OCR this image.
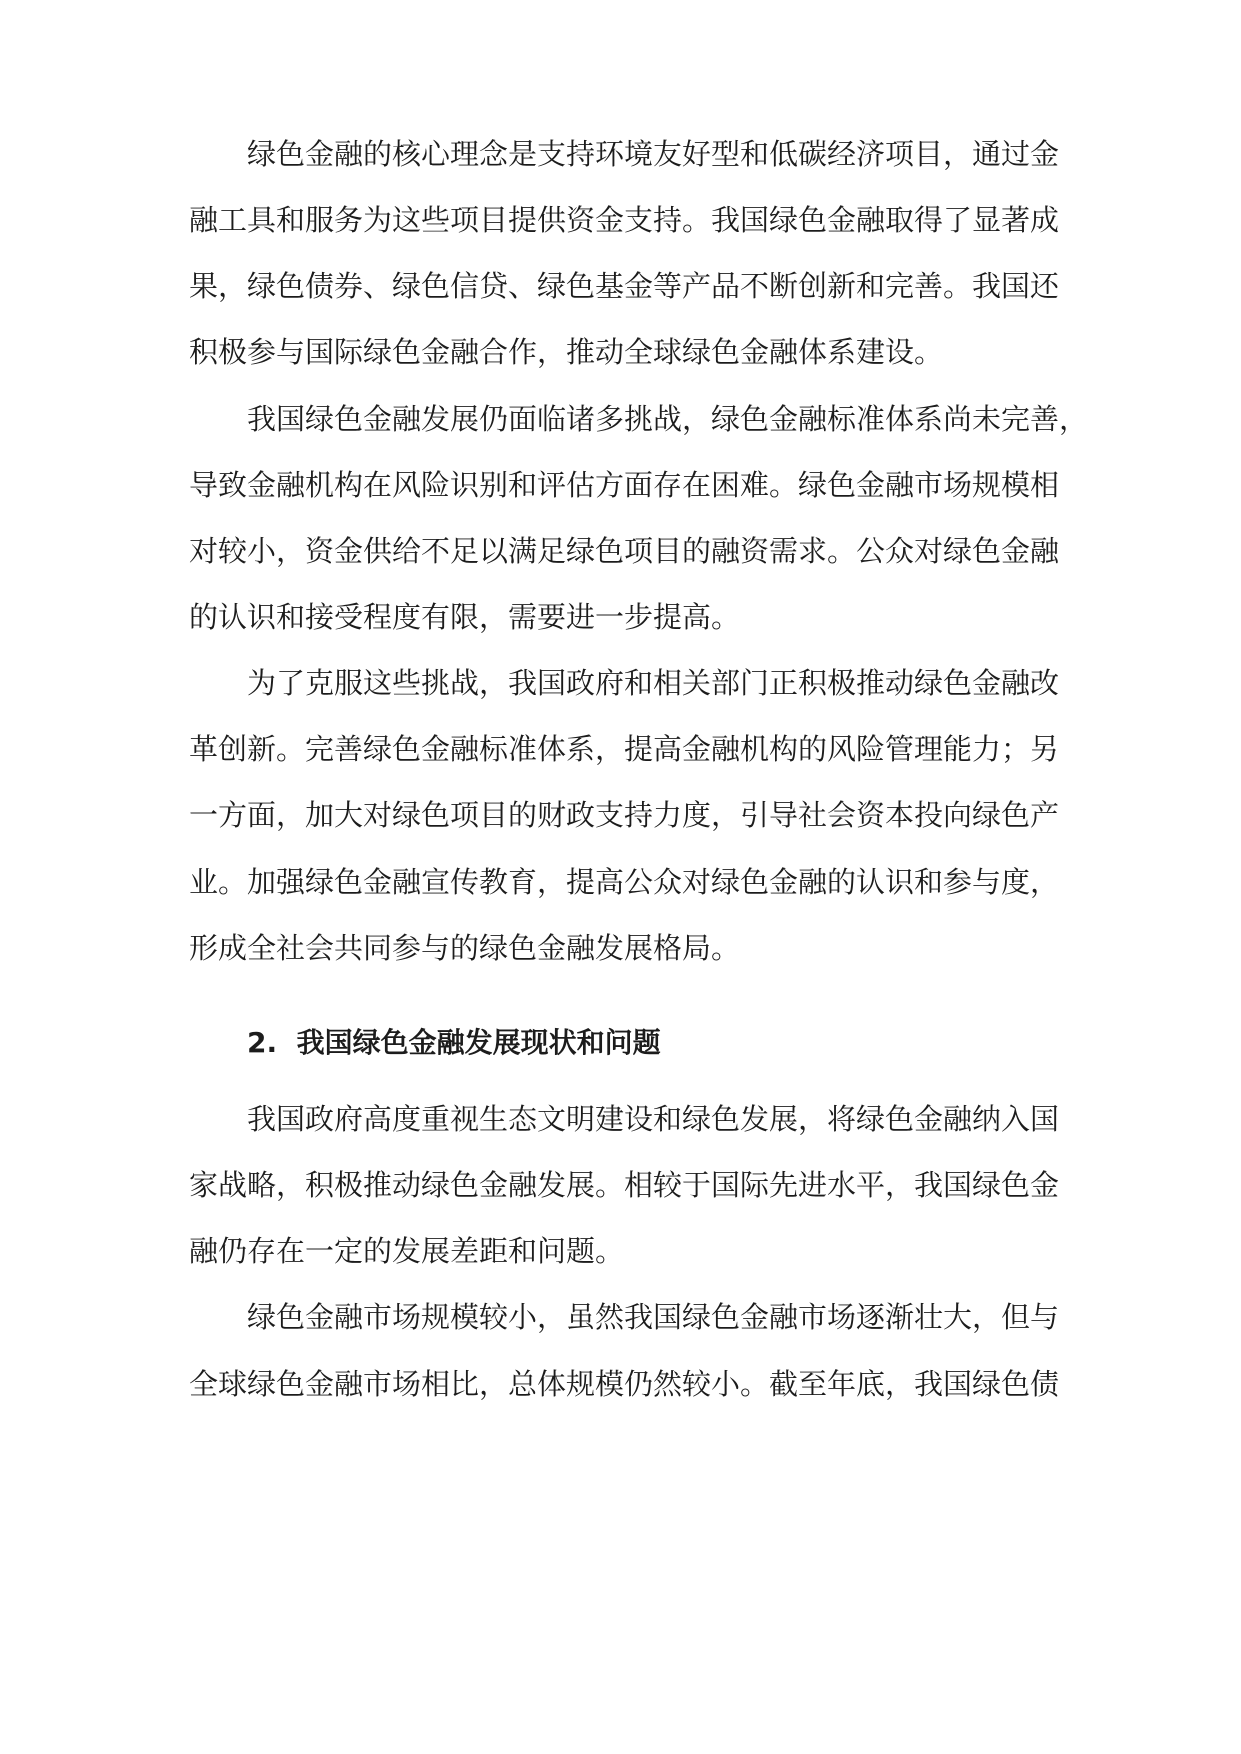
绿色金融的核心理念是支持环境友好型和低碳经济项目，通过金
融工具和服务为这些项目提供资金支持。我国绿色金融取得了显著成
果，绿色债券、绿色信贷、绿色基金等产品不断创新和完善。我国还
积极参与国际绿色金融合作，推动全球绿色金融体系建设。
我国绿色金融发展仍面临诸多挑战，绿色金融标准体系尚未完善，
导致金融机构在风险识别和评估方面存在困难。绿色金融市场规模相
对较小，资金供给不足以满足绿色项目的融资需求。公众对绿色金融
的认识和接受程度有限，需要进一步提高。
为了克服这些挑战，我国政府和相关部门正积极推动绿色金融改
革创新。完善绿色金融标准体系，提高金融机构的风险管理能力；另
一方面，加大对绿色项目的财政支持力度，引导社会资本投向绿色产
业。加强绿色金融宣传教育，提高公众对绿色金融的认识和参与度，
形成全社会共同参与的绿色金融发展格局。
2. 我国绿色金融发展现状和问题
我国政府高度重视生态文明建设和绿色发展，将绿色金融纳入国
家战略，积极推动绿色金融发展。相较于国际先进水平，我国绿色金
融仍存在一定的发展差距和问题。
绿色金融市场规模较小，虽然我国绿色金融市场逐渐壮大，但与
全球绿色金融市场相比，总体规模仍然较小。截至年底，我国绿色债
